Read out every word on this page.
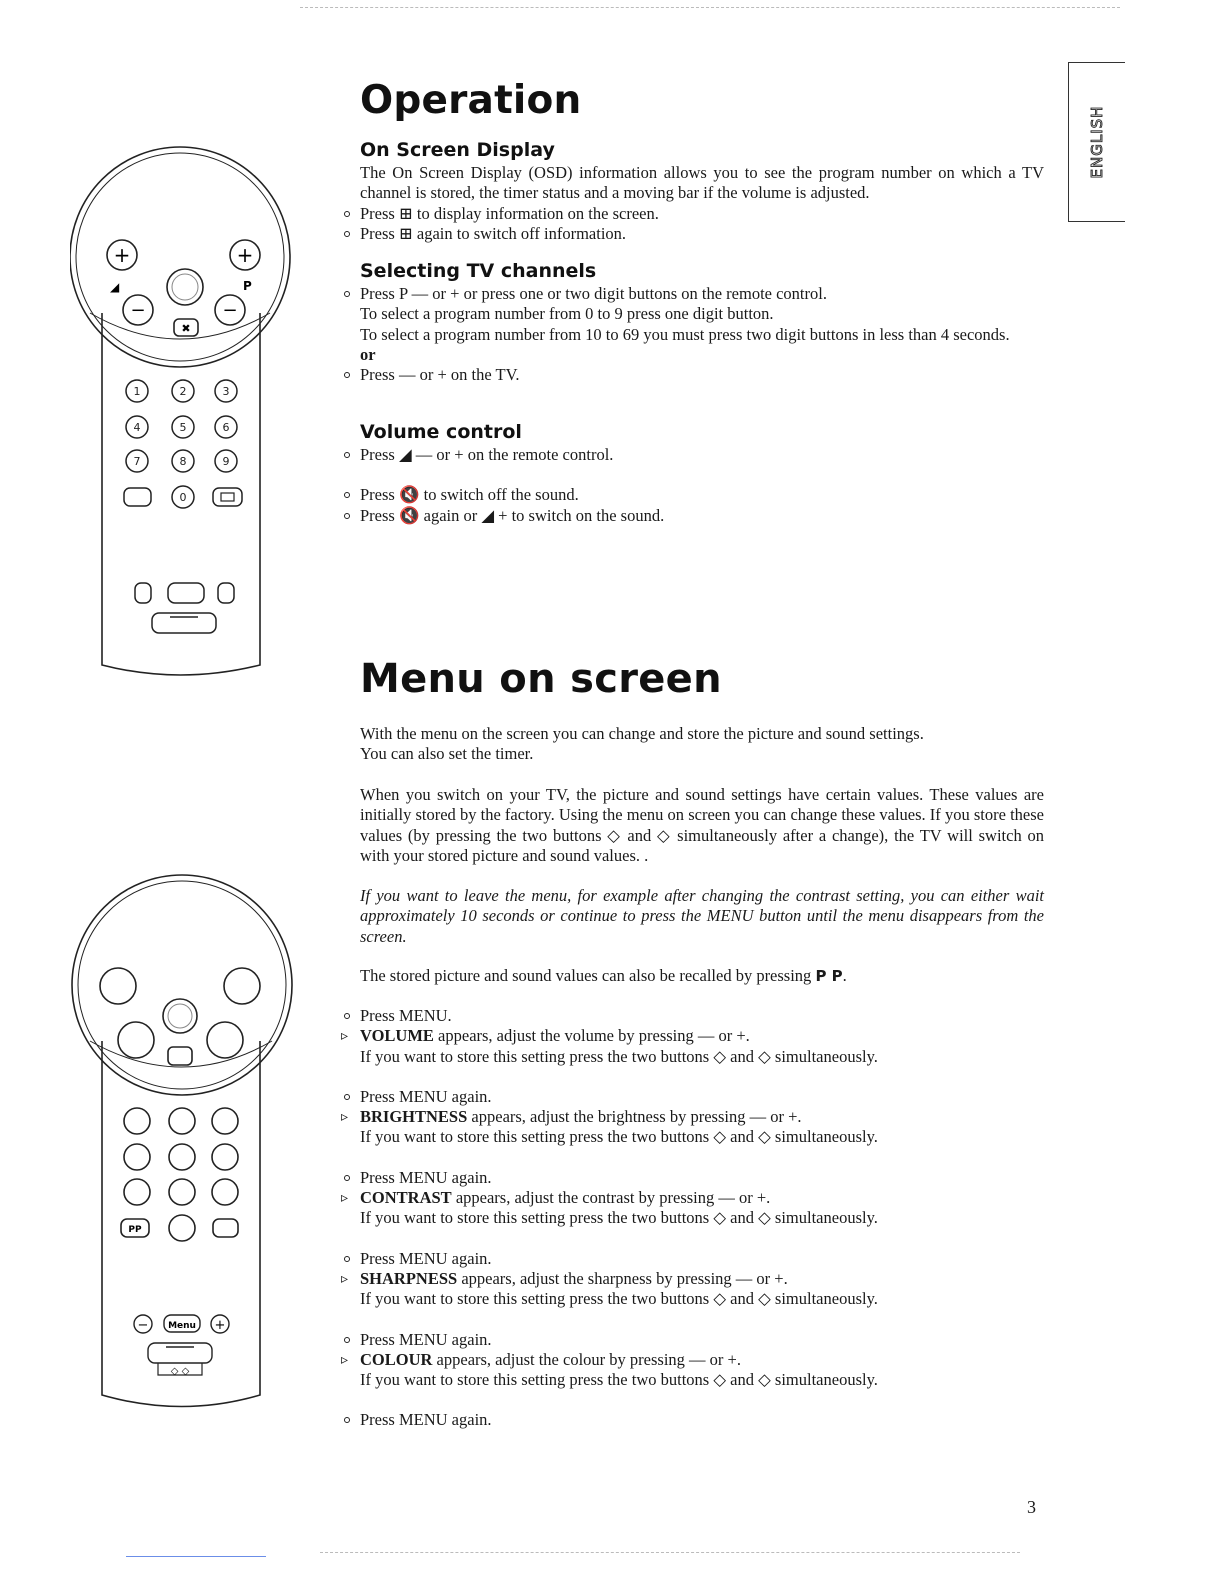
ENGLISH
+	+
◢	P
−	−
✖
1	2	3
4	5	6
7	8	9
0
PP
− Menu +
◇ ◇
Operation
On Screen Display

The On Screen Display (OSD) information allows you to see the program number on which a TV channel is stored, the timer status and a moving bar if the volume is adjusted.

Press ⊞ to display information on the screen.

Press ⊞ again to switch off information.

Selecting TV channels

Press P — or + or press one or two digit buttons on the remote control.

To select a program number from 0 to 9 press one digit button.

To select a program number from 10 to 69 you must press two digit buttons in less than 4 seconds.

or

Press — or + on the TV.

Volume control

Press ◢ — or + on the remote control.

Press 🔇 to switch off the sound.

Press 🔇 again or ◢ + to switch on the sound.

Menu on screen

With the menu on the screen you can change and store the picture and sound settings.

You can also set the timer.

When you switch on your TV, the picture and sound settings have certain values. These values are initially stored by the factory. Using the menu on screen you can change these values. If you store these values (by pressing the two buttons ◇ and ◇ simultaneously after a change), the TV will switch on with your stored picture and sound values. .

If you want to leave the menu, for example after changing the contrast setting, you can either wait approximately 10 seconds or continue to press the MENU button until the menu disappears from the screen.

The stored picture and sound values can also be recalled by pressing P P.

Press MENU.

▹ VOLUME appears, adjust the volume by pressing — or +.

If you want to store this setting press the two buttons ◇ and ◇ simultaneously.

Press MENU again.

▹ BRIGHTNESS appears, adjust the brightness by pressing — or +.

If you want to store this setting press the two buttons ◇ and ◇ simultaneously.

Press MENU again.

▹ CONTRAST appears, adjust the contrast by pressing — or +.

If you want to store this setting press the two buttons ◇ and ◇ simultaneously.

Press MENU again.

▹ SHARPNESS appears, adjust the sharpness by pressing — or +.

If you want to store this setting press the two buttons ◇ and ◇ simultaneously.

Press MENU again.

▹ COLOUR appears, adjust the colour by pressing — or +.

If you want to store this setting press the two buttons ◇ and ◇ simultaneously.

Press MENU again.

3
